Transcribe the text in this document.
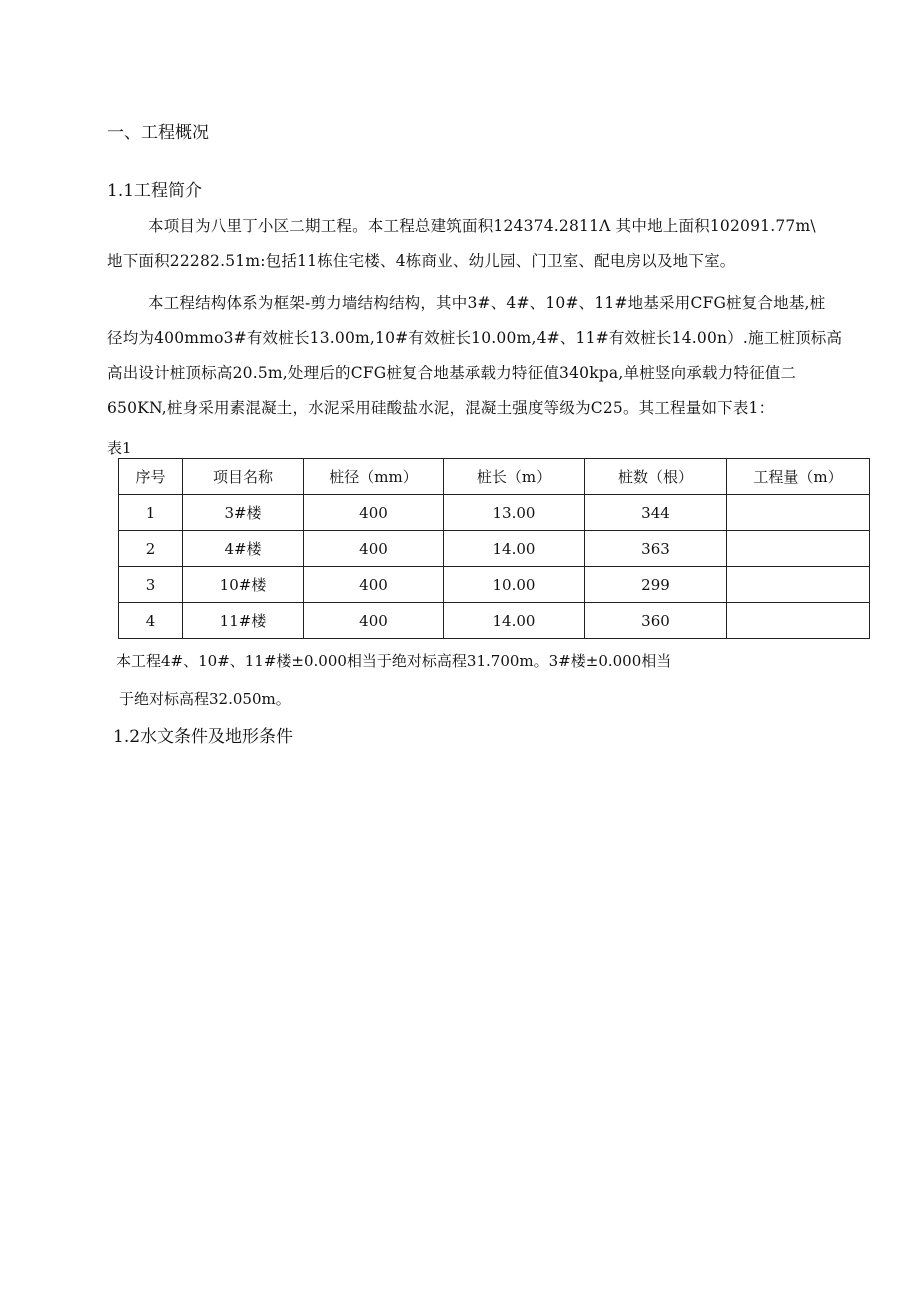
一、工程概况
1.1工程简介
本项目为八里丁小区二期工程。本工程总建筑面积124374.2811Λ 其中地上面积102091.77m\
地下面积22282.51m:包括11栋住宅楼、4栋商业、幼儿园、门卫室、配电房以及地下室。
本工程结构体系为框架-剪力墙结构结构，其中3#、4#、10#、11#地基采用CFG桩复合地基,桩
径均为400mmo3#有效桩长13.00m,10#有效桩长10.00m,4#、11#有效桩长14.00n）.施工桩顶标高
高出设计桩顶标高20.5m,处理后的CFG桩复合地基承载力特征值340kpa,单桩竖向承载力特征值二
650KN,桩身采用素混凝土，水泥采用硅酸盐水泥，混凝土强度等级为C25。其工程量如下表1：
表1
序号	项目名称	桩径（mm）	桩长（m）	桩数（根）	工程量（m）
1	3#楼	400	13.00	344	
2	4#楼	400	14.00	363	
3	10#楼	400	10.00	299	
4	11#楼	400	14.00	360	
本工程4#、10#、11#楼±0.000相当于绝对标高程31.700m。3#楼±0.000相当
于绝对标高程32.050m。
1.2水文条件及地形条件
